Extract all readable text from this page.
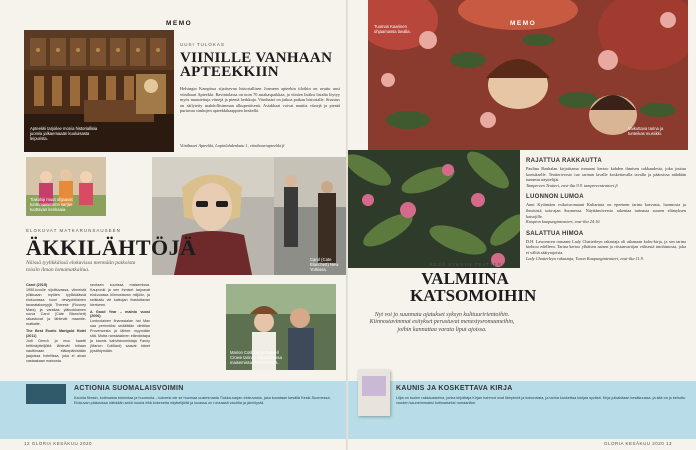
Apteekki tarjoilee monia historiallisia juomia jalkaemaaän kuuluisasta leipurista.
MEMO
UUSI TULOKAS
VIINILLE VANHAAN
APTEEKKIIN
Helsingin Kampissa sijaitsevan historiallisen Josmeen apteekin tiloihin on avattu uusi viinibaari Apteekki. Ravintolassa on noin 70 asiakaspaikkaa, ja viinien lisäksi listalta löytyy myös maustettuja viinejä ja pieniä herkkuja. Viinibaari on jatkoa paikan historialle. Sisustus on säilytetty mahdollisimman alkuperäisenä. Asiakkaat voivat nauttia viinejä ja pientä purtavaa vanhojen apteekkikaappien keskellä.
Viinibaari Apteekki, Lapinlahdenkatu 1, viinibaariapteekki.fi
Tiakoloji muut ohjaavat tuntemaisemme sarjan tuottavan kenkaaia.
Carol (Cate Blanchett) New Yorkissa.
ELOKUVAT MATKARUNSAUSEEN
ÄKKILÄHTÖJÄ
Näissä tyylikkäissä elokuvissa mennään paikoista toisiin ilman lomamatkailua.
Carol (2015)
1950-luvulle sijoittuvassa, viimeistä pilkkuaan myöten tyylikkäässä elokuvassa nuori newyorkilainen tavaratalomyyjä Therese (Rooney Mara) ja varakas yläluokkainen rouva Carol (Cate Blanchett) rakastuvat ja lähtevät maantie-matkalle.
The Best Exotic Marigold Hotel (2011)
Judi Dench ja muu kaartti brittinäyttelijöitä lähtevät Intiaan nauttimaan eläkepäivistään jaajoissa hotellissa, joka ei aivan vastaakaan mainosta.
seuksen suurissa maisemissa. Kaupunki ja sen ihmiset tarjoavat elokuvassa kiinnostavan miljöön, ja seikkailu vie katsojan ihastuttavan kiertueen.
A Good Year – mainio vuosi (2006)
Lontoolainen finanssialan hai Max saa perinnöksi sedältään viinitilan Provencesta ja lähtee myymään sitä. Mutta ranskalainen elämäntapa ja kaunis kahvilanomistaja Fanny (Marion Cotillard) saavat hänet pysähtymään.	Marion Cotillard ja Russell Crowe tarinan romanttisissa maisemissa Provencessa.
ACTIONIA SUOMALAISVOIMIN
Kaurila filmsin, kotimaista toimintaa ja huumoria – kokeesi ole se huomaa uusimmasta Tiukka-sarjan elokuvasta, joka kuvataan kesällä Keski-Suomessa. Elokuvan pääosissa nähdään sekä nuoria että kokeneita näyttelijöitä ja luvassa on runsaasti vauhtia ja jännitystä.
12 GLORIA KESÄKUU 2020
Tuomas Kaarinen ohjaamassa lavalla.
Vaikuttava tarina ja tunteikas musiikki.
MEMO
RAJATTUA RAKKAUTTA
Paulina Rauhalan kirjoittama romaani kertoo kahden ihmisen rakkaudesta, joka joutuu koetukselle. Teatteriversio tuo tarinan lavalle koskettavalla tavalla ja pääosissa nähdään tunnetut näyttelijät.
Tampereen Teatteri, ensi-ilta 9.9. tampereenteatteri.fi
LUONNON LUMOA
Anni Kytömäen esikoisromaani Kultarinta on epeeinen tarina kasvusta, luonnosta ja ihmisistä sota-ajan Suomessa. Näyttämöversio rakentaa tarinasta suuren elämyksen katsojille.
Kuopion kaupunginteatteri, ensi-ilta 24.10.
SALATTUA HIMOA
D.H. Lawrencen romaani Lady Chatterleyn rakastaja oli aikanaan kohu-kirja, ja sen tarina kiehtoo edelleen. Tarina kertoo ylhäisen naisen ja riistanvartijan välisestä intohimosta, joka ei välitä säätyrajoista.
Lady Chatterleyn rakastaja, Turun Kaupunginteatteri, ensi-ilta 11.9.
KESÄ SYKSYN TEATTERI
VALMIINA
KATSOMOIHIN
Nyt voi jo suunnata ajatukset syksyn kulttuuririentoihin. Kiinnostavimmat esitykset perustuvat menestysromaaneihin, joihin kannattaa varata liput ajoissa.
KAUNIS JA KOSKETTAVA KIRJA
Liljia on tuulen rakkaustarina, jonka kirjoittaja Kirjan hahmot ovat lämpimiä ja kokonaisia, ja tarina koskettaa lukijaa syvästi. Kirja julkaistaan kesäkuussa, ja sitä on jo kehuttu vuoden kauneimmaksi kotimaiseksi romaaniksi.
GLORIA KESÄKUU 2020 13
